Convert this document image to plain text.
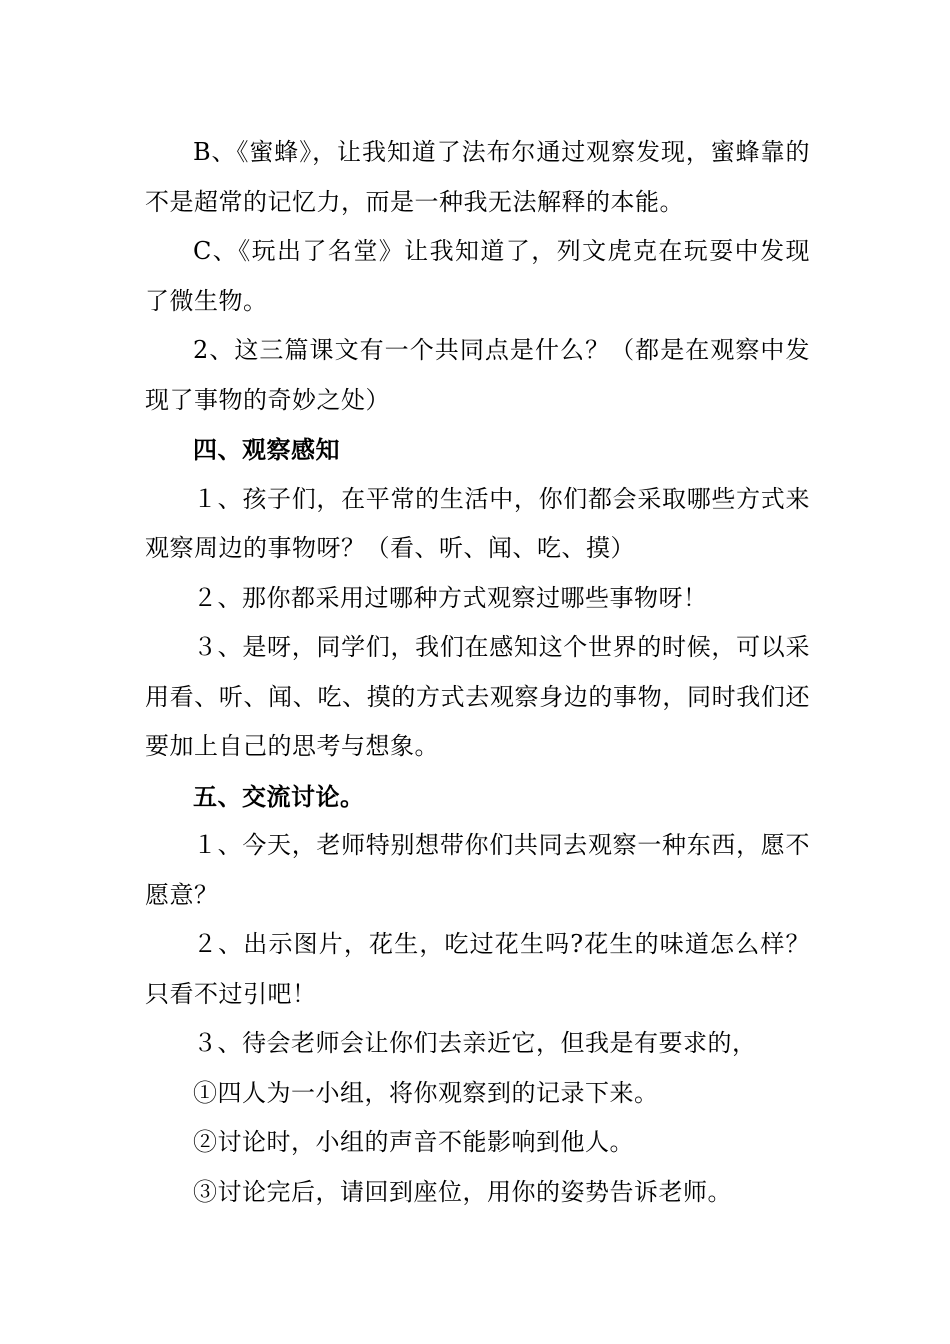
B、《蜜蜂》，让我知道了法布尔通过观察发现，蜜蜂靠的不是超常的记忆力，而是一种我无法解释的本能。

C、《玩出了名堂》让我知道了，列文虎克在玩耍中发现了微生物。

2、这三篇课文有一个共同点是什么？（都是在观察中发现了事物的奇妙之处）

四、观察感知

１、孩子们，在平常的生活中，你们都会采取哪些方式来观察周边的事物呀？（看、听、闻、吃、摸）

２、那你都采用过哪种方式观察过哪些事物呀！

３、是呀，同学们，我们在感知这个世界的时候，可以采用看、听、闻、吃、摸的方式去观察身边的事物，同时我们还要加上自己的思考与想象。

五、交流讨论。

１、今天，老师特别想带你们共同去观察一种东西，愿不愿意？

２、出示图片，花生，吃过花生吗?花生的味道怎么样？只看不过引吧！

３、待会老师会让你们去亲近它，但我是有要求的，

①四人为一小组，将你观察到的记录下来。

②讨论时，小组的声音不能影响到他人。

③讨论完后，请回到座位，用你的姿势告诉老师。
